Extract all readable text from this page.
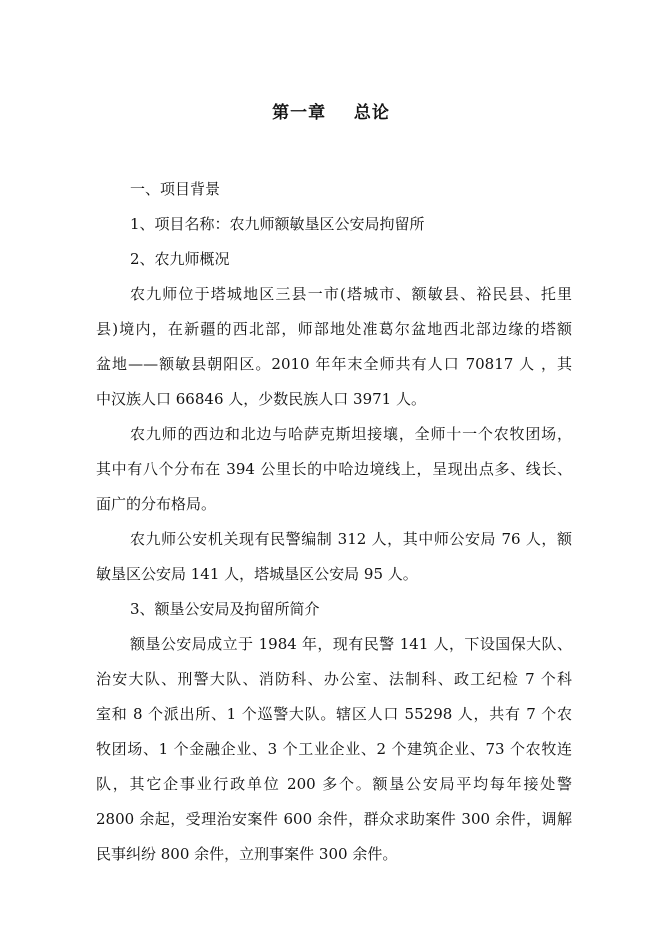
第一章    总论
一、项目背景
1、项目名称：农九师额敏垦区公安局拘留所
2、农九师概况
农九师位于塔城地区三县一市(塔城市、额敏县、裕民县、托里
县)境内，在新疆的西北部，师部地处准葛尔盆地西北部边缘的塔额
盆地——额敏县朝阳区。2010 年年末全师共有人口 70817 人 ，其
中汉族人口 66846 人，少数民族人口 3971 人。
农九师的西边和北边与哈萨克斯坦接壤，全师十一个农牧团场，
其中有八个分布在 394 公里长的中哈边境线上，呈现出点多、线长、
面广的分布格局。
农九师公安机关现有民警编制 312 人，其中师公安局 76 人，额
敏垦区公安局 141 人，塔城垦区公安局 95 人。
3、额垦公安局及拘留所简介
额垦公安局成立于 1984 年，现有民警 141 人，下设国保大队、
治安大队、刑警大队、消防科、办公室、法制科、政工纪检 7 个科
室和 8 个派出所、1 个巡警大队。辖区人口 55298 人，共有 7 个农
牧团场、1 个金融企业、3 个工业企业、2 个建筑企业、73 个农牧连
队，其它企事业行政单位 200 多个。额垦公安局平均每年接处警
2800 余起，受理治安案件 600 余件，群众求助案件 300 余件，调解
民事纠纷 800 余件，立刑事案件 300 余件。
